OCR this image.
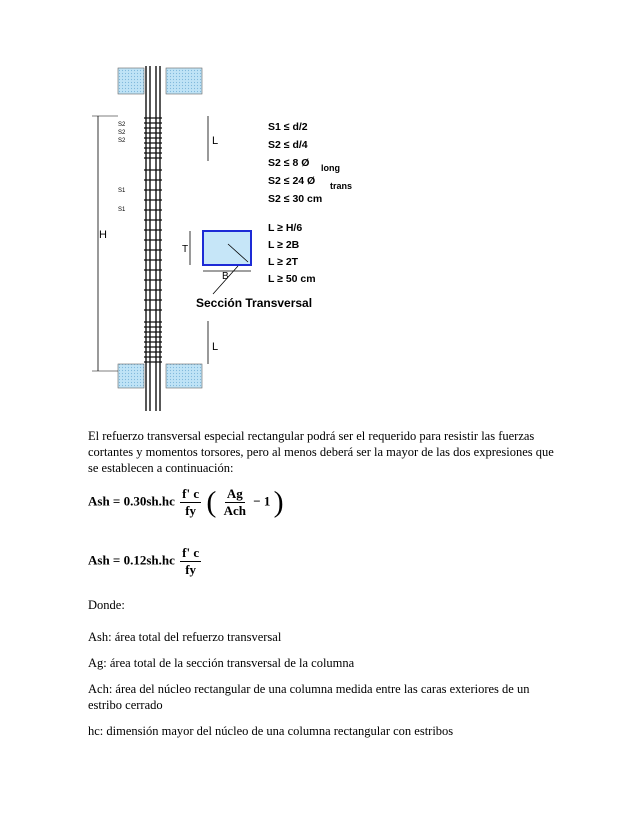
H
S2
S2
S2
S1
S1
L
L
T
B
Sección Transversal
S1 ≤ d/2
S2 ≤ d/4
S2 ≤ 8 Ø long
S2 ≤ 24 Ø trans
S2 ≤ 30 cm
L ≥ H/6
L ≥ 2B
L ≥ 2T
L ≥ 50 cm
El refuerzo transversal especial rectangular podrá ser el requerido para resistir las fuerzas cortantes y momentos torsores, pero al menos deberá ser la mayor de las dos expresiones que se establecen a continuación:
Ash = $0.30sh.hc \frac{f' c}{fy}$ ( $\frac{Ag}{\text{Ach}} - 1$ )
Ash = $0.12sh.hc \frac{f' c}{fy}$
Donde:
Ash: área total del refuerzo transversal
Ag: área total de la sección transversal de la columna
Ach: área del núcleo rectangular de una columna medida entre las caras exteriores de un estribo cerrado
hc: dimensión mayor del núcleo de una columna rectangular con estribos
